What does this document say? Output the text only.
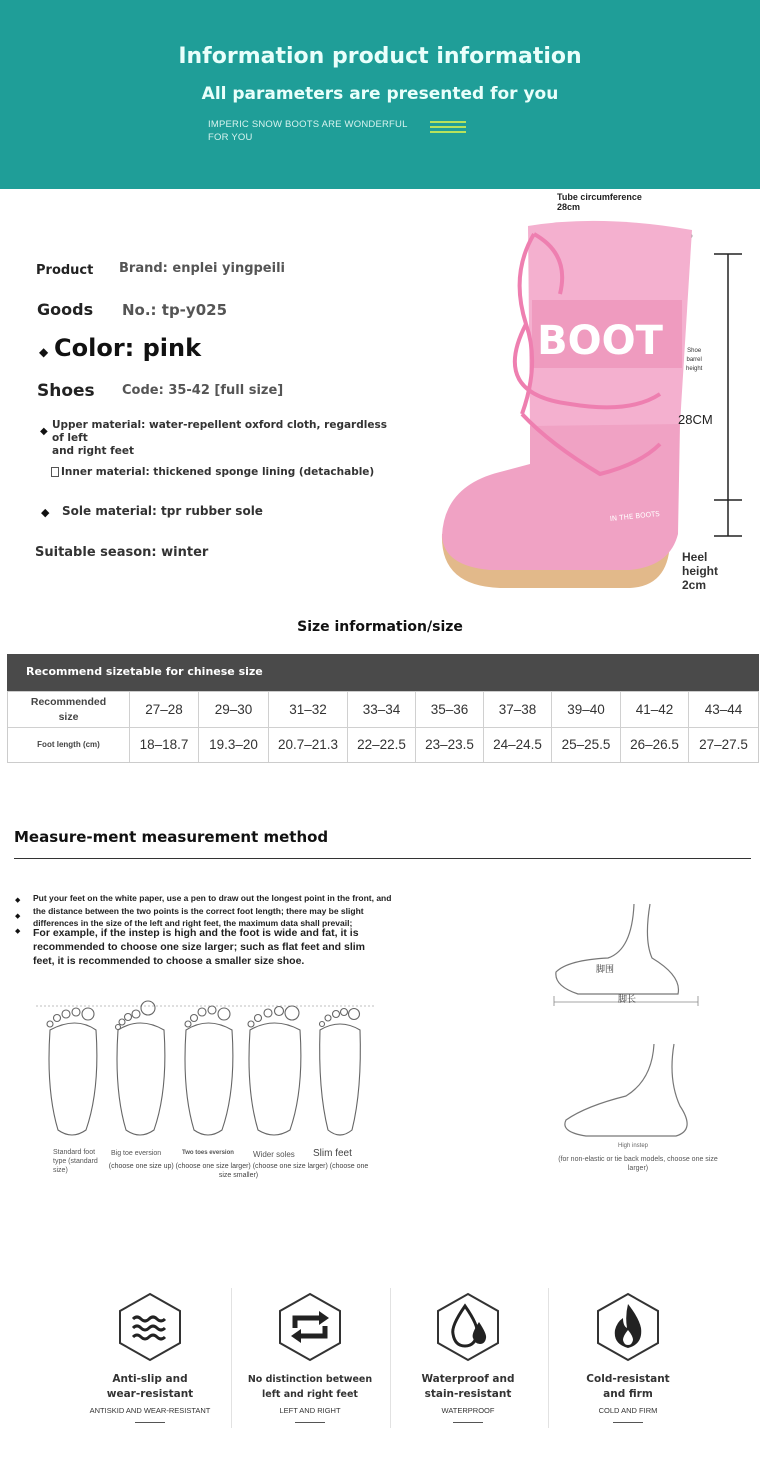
Information product information
All parameters are presented for you
IMPERIC SNOW BOOTS ARE WONDERFUL
FOR YOU
Product Brand: enplei yingpeili
Goods No.: tp-y025
◆ Color: pink
Shoes Code: 35-42 [full size]
◆
Upper material: water-repellent oxford cloth, regardless of left
and right feet
Inner material: thickened sponge lining (detachable)
◆ Sole material: tpr rubber sole
Suitable season: winter
Tube circumference
28cm
BOOT
IN THE BOOTS
Shoe
barrel
height
28CM
Heel
height
2cm
Size information/size
Recommend sizetable for chinese size
Recommended
size	27–28	29–30	31–32	33–34	35–36	37–38	39–40	41–42	43–44
Foot length (cm)	18–18.7	19.3–20	20.7–21.3	22–22.5	23–23.5	24–24.5	25–25.5	26–26.5	27–27.5
Measure-ment measurement method
◆
◆
◆
Put your feet on the white paper, use a pen to draw out the longest point in the front, and
the distance between the two points is the correct foot length; there may be slight
differences in the size of the left and right feet, the maximum data shall prevail;
For example, if the instep is high and the foot is wide and fat, it is
recommended to choose one size larger; such as flat feet and slim
feet, it is recommended to choose a smaller size shoe.
脚围
脚长
High instep
(for non-elastic or tie back models, choose one size
larger)
Standard foot
type (standard
size)
Big toe eversion	Two toes eversion Wider soles Slim feet
(choose one size up) (choose one size larger) (choose one size larger) (choose one
size smaller)
Anti-slip and
wear-resistant
ANTISKID AND WEAR-RESISTANT
No distinction between
left and right feet
LEFT AND RIGHT
Waterproof and
stain-resistant
WATERPROOF
Cold-resistant
and firm
COLD AND FIRM
